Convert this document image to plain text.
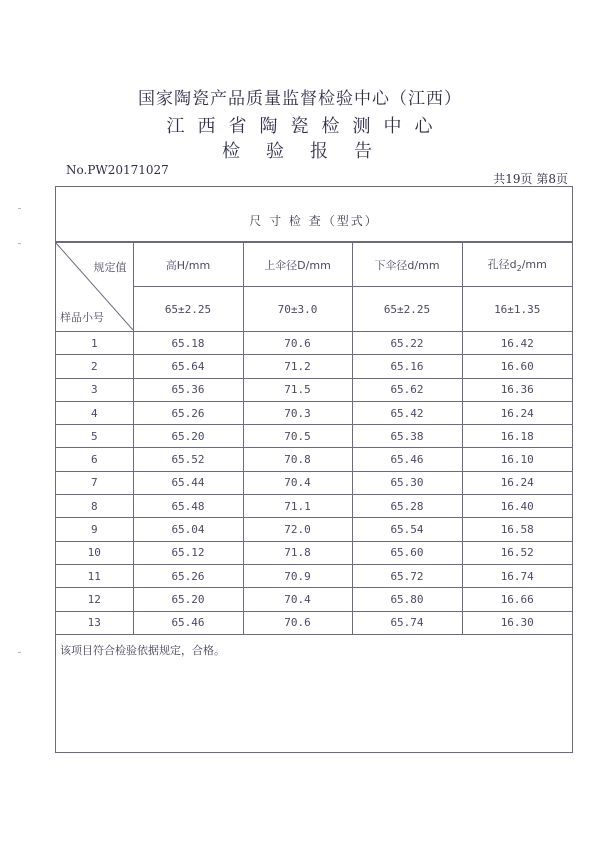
国家陶瓷产品质量监督检验中心（江西）
江西省陶瓷检测中心
检验报告
No.PW20171027
共19页 第8页
尺 寸 检 查（型式）
规定值
样品小号	高H/mm	上伞径D/mm	下伞径d/mm	孔径$d_2/mm$
	65±2.25	70±3.0	65±2.25	16±1.35
1	65.18	70.6	65.22	16.42
2	65.64	71.2	65.16	16.60
3	65.36	71.5	65.62	16.36
4	65.26	70.3	65.42	16.24
5	65.20	70.5	65.38	16.18
6	65.52	70.8	65.46	16.10
7	65.44	70.4	65.30	16.24
8	65.48	71.1	65.28	16.40
9	65.04	72.0	65.54	16.58
10	65.12	71.8	65.60	16.52
11	65.26	70.9	65.72	16.74
12	65.20	70.4	65.80	16.66
13	65.46	70.6	65.74	16.30
该项目符合检验依据规定，合格。
